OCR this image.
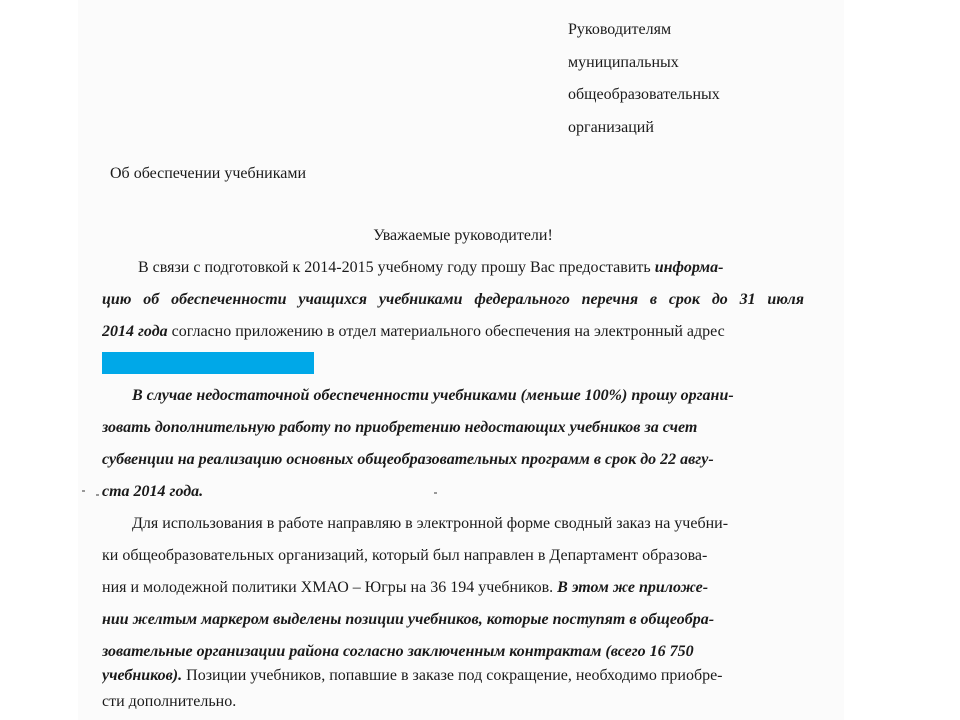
Руководителям
муниципальных
общеобразовательных
организаций
Об обеспечении учебниками
Уважаемые руководители!
В связи с подготовкой к 2014-2015 учебному году прошу Вас предоставить информа-
цию об обеспеченности учащихся учебниками федерального перечня в срок до 31 июля
2014 года согласно приложению в отдел материального обеспечения на электронный адрес
В случае недостаточной обеспеченности учебниками (меньше 100%) прошу органи-
зовать дополнительную работу по приобретению недостающих учебников за счет
субвенции на реализацию основных общеобразовательных программ в срок до 22 авгу-
ста 2014 года.
Для использования в работе направляю в электронной форме сводный заказ на учебни-
ки общеобразовательных организаций, который был направлен в Департамент образова-
ния и молодежной политики ХМАО – Югры на 36 194 учебников. В этом же приложе-
нии желтым маркером выделены позиции учебников, которые поступят в общеобра-
зовательные организации района согласно заключенным контрактам (всего 16 750
учебников). Позиции учебников, попавшие в заказе под сокращение, необходимо приобре-
сти дополнительно.
